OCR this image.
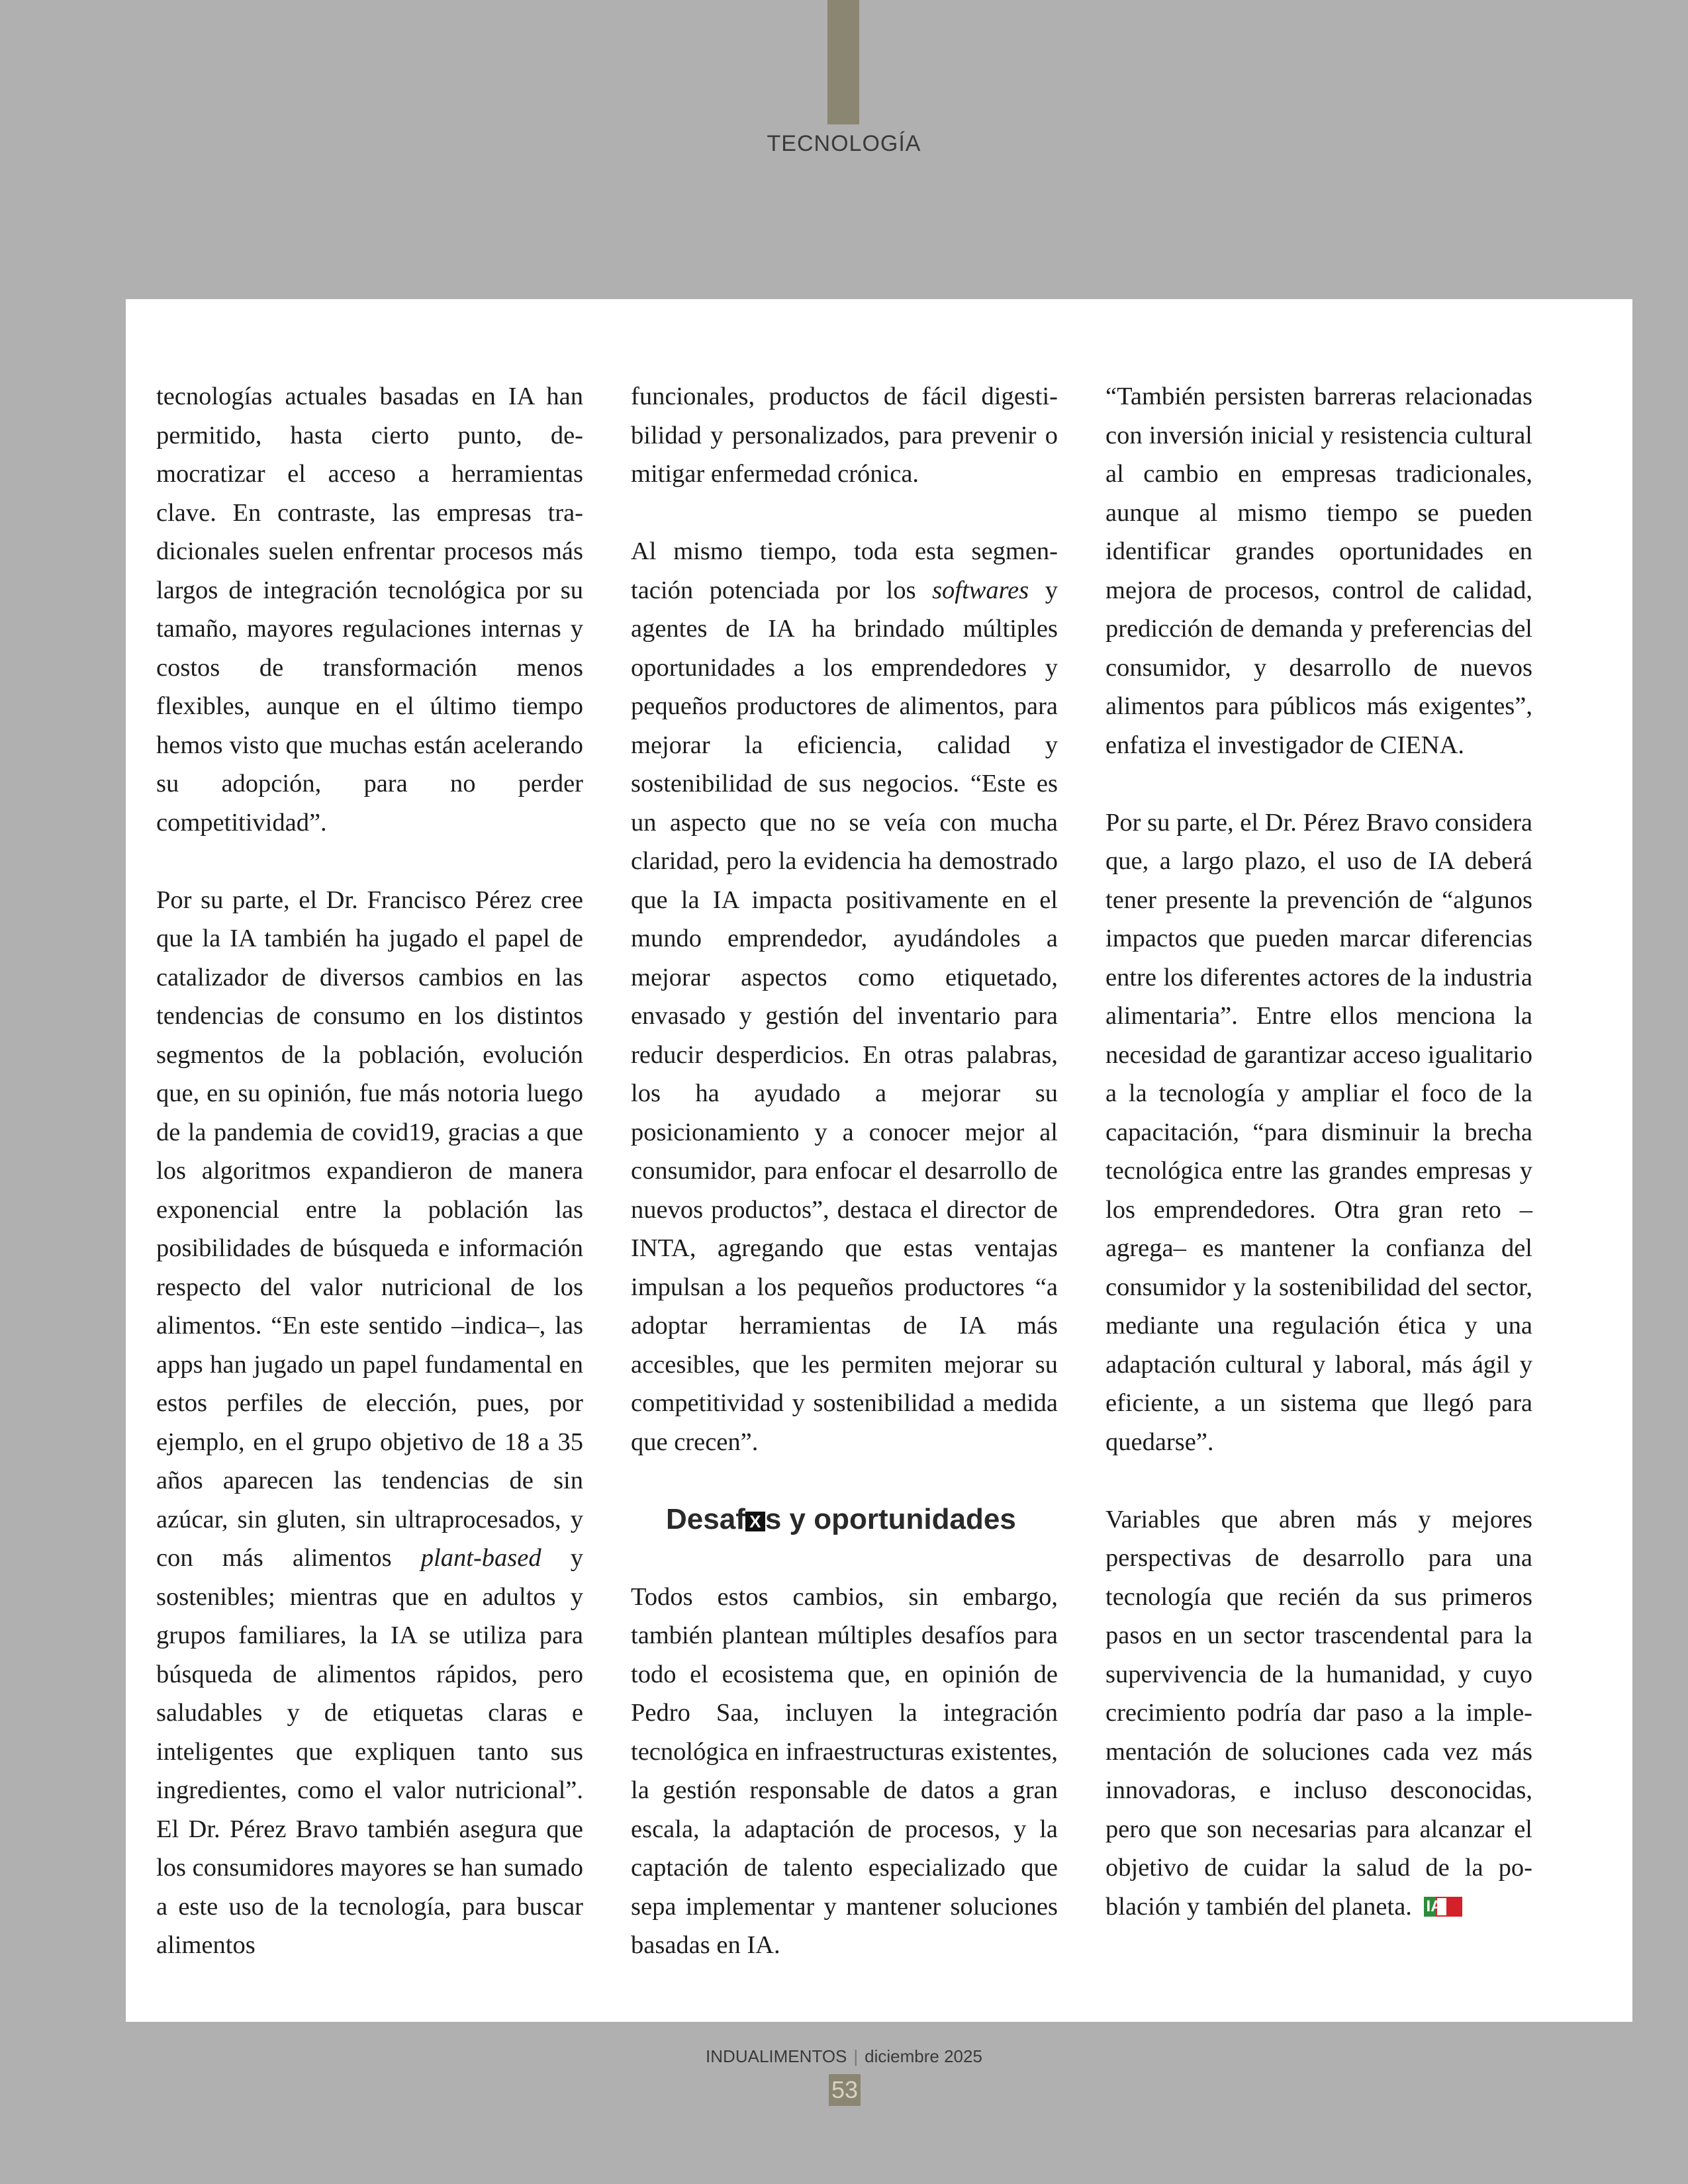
TECNOLOGÍA

tecnologías actuales basadas en IA han permitido, hasta cierto punto, democratizar el acceso a herramientas clave. En contraste, las empresas tradicionales suelen enfrentar procesos más largos de integración tecnológica por su tamaño, mayores regulaciones internas y costos de transformación menos flexibles, aunque en el último tiempo hemos visto que muchas están acelerando su adopción, para no perder competitividad”.

Por su parte, el Dr. Francisco Pérez cree que la IA también ha jugado el papel de catalizador de diversos cambios en las tendencias de consumo en los distintos segmentos de la población, evolución que, en su opinión, fue más notoria luego de la pandemia de covid19, gracias a que los algoritmos expandieron de manera exponencial entre la población las posibilidades de búsqueda e información respecto del valor nutricional de los alimentos. “En este sentido –indica–, las apps han jugado un papel fundamental en estos perfiles de elección, pues, por ejemplo, en el grupo objetivo de 18 a 35 años aparecen las tendencias de sin azúcar, sin gluten, sin ultraprocesados, y con más alimentos plant-based y sostenibles; mientras que en adultos y grupos familiares, la IA se utiliza para búsqueda de alimentos rápidos, pero saludables y de etiquetas claras e inteligentes que expliquen tanto sus ingredientes, como el valor nutricional”. El Dr. Pérez Bravo también asegura que los consumidores mayores se han sumado a este uso de la tecnología, para buscar alimentos

funcionales, productos de fácil digestibilidad y personalizados, para prevenir o mitigar enfermedad crónica.

Al mismo tiempo, toda esta segmentación potenciada por los softwares y agentes de IA ha brindado múltiples oportunidades a los emprendedores y pequeños productores de alimentos, para mejorar la eficiencia, calidad y sostenibilidad de sus negocios. “Este es un aspecto que no se veía con mucha claridad, pero la evidencia ha demostrado que la IA impacta positivamente en el mundo emprendedor, ayudándoles a mejorar aspectos como etiquetado, envasado y gestión del inventario para reducir desperdicios. En otras palabras, los ha ayudado a mejorar su posicionamiento y a conocer mejor al consumidor, para enfocar el desarrollo de nuevos productos”, destaca el director de INTA, agregando que estas ventajas impulsan a los pequeños productores “a adoptar herramientas de IA más accesibles, que les permiten mejorar su competitividad y sostenibilidad a medida que crecen”.

Desaf X s y oportunidades

Todos estos cambios, sin embargo, también plantean múltiples desafíos para todo el ecosistema que, en opinión de Pedro Saa, incluyen la integración tecnológica en infraestructuras existentes, la gestión responsable de datos a gran escala, la adaptación de procesos, y la captación de talento especializado que sepa implementar y mantener soluciones basadas en IA.

“También persisten barreras relacionadas con inversión inicial y resistencia cultural al cambio en empresas tradicionales, aunque al mismo tiempo se pueden identificar grandes oportunidades en mejora de procesos, control de calidad, predicción de demanda y preferencias del consumidor, y desarrollo de nuevos alimentos para públicos más exigentes”, enfatiza el investigador de CIENA.

Por su parte, el Dr. Pérez Bravo considera que, a largo plazo, el uso de IA deberá tener presente la prevención de “algunos impactos que pueden marcar diferencias entre los diferentes actores de la industria alimentaria”. Entre ellos menciona la necesidad de garantizar acceso igualitario a la tecnología y ampliar el foco de la capacitación, “para disminuir la brecha tecnológica entre las grandes empresas y los emprendedores. Otra gran reto –agrega– es mantener la confianza del consumidor y la sostenibilidad del sector, mediante una regulación ética y una adaptación cultural y laboral, más ágil y eficiente, a un sistema que llegó para quedarse”.

Variables que abren más y mejores perspectivas de desarrollo para una tecnología que recién da sus primeros pasos en un sector trascendental para la supervivencia de la humanidad, y cuyo crecimiento podría dar paso a la implementación de soluciones cada vez más innovadoras, e incluso desconocidas, pero que son necesarias para alcanzar el objetivo de cuidar la salud de la población y también del planeta. IA

INDUALIMENTOS | diciembre 2025
53
